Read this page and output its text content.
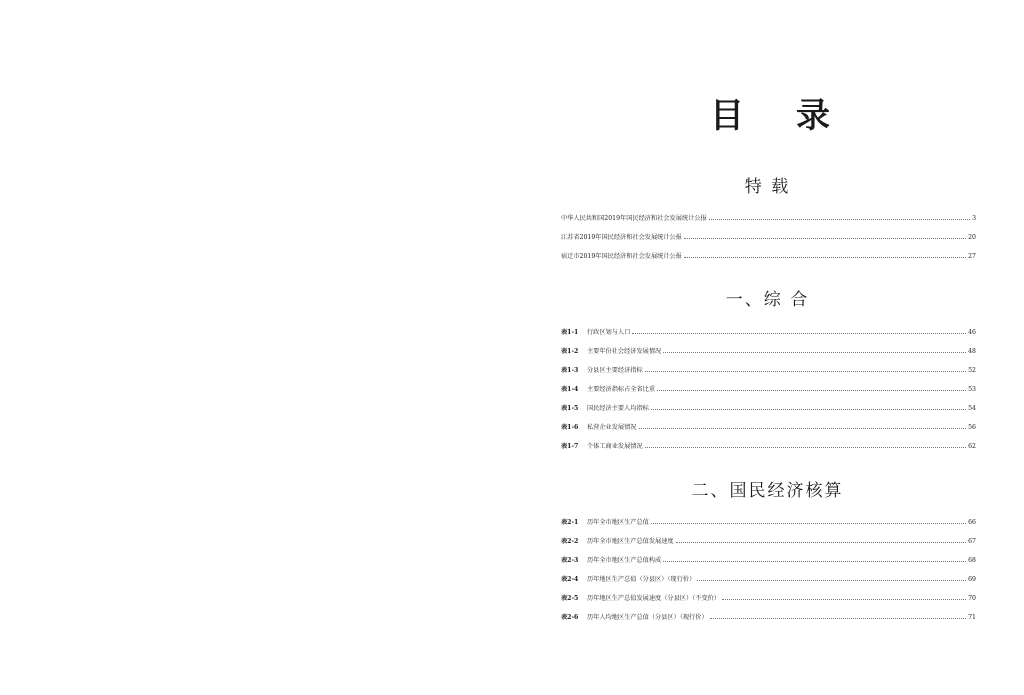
目 录
特 载
中华人民共和国2019年国民经济和社会发展统计公报	3
江苏省2019年国民经济和社会发展统计公报	20
宿迁市2019年国民经济和社会发展统计公报	27
一、综 合
表1-1	行政区划与人口	46
表1-2	主要年份社会经济发展情况	48
表1-3	分县区主要经济指标	52
表1-4	主要经济指标占全省比重	53
表1-5	国民经济主要人均指标	54
表1-6	私营企业发展情况	56
表1-7	个体工商业发展情况	62
二、国民经济核算
表2-1	历年全市地区生产总值	66
表2-2	历年全市地区生产总值发展速度	67
表2-3	历年全市地区生产总值构成	68
表2-4	历年地区生产总值（分县区）（现行价）	69
表2-5	历年地区生产总值发展速度（分县区）（不变价）	70
表2-6	历年人均地区生产总值（分县区）（现行价）	71
